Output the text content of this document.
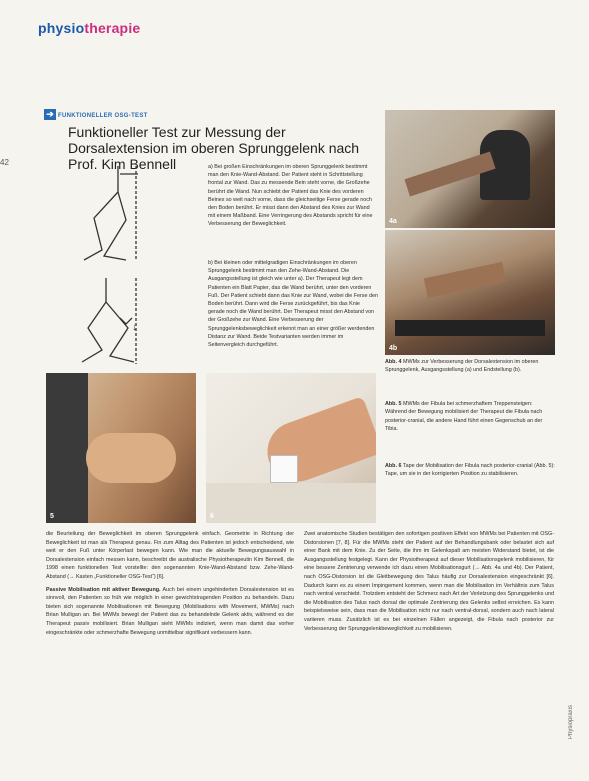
physiotherapie
42
➔ FUNKTIONELLER OSG-TEST
Funktioneller Test zur Messung der Dorsalextension im oberen Sprunggelenk nach Prof. Kim Bennell
↓
a) Bei großen Einschränkungen im oberen Sprunggelenk bestimmt man den Knie-Wand-Abstand. Der Patient steht in Schrittstellung frontal zur Wand. Das zu messende Bein steht vorne, die Großzehe berührt die Wand. Nun schiebt der Patient das Knie des vorderen Beines so weit nach vorne, dass die gleichseitige Ferse gerade noch den Boden berührt. Er misst dann den Abstand des Knies zur Wand mit einem Maßband. Eine Verringerung des Abstands spricht für eine Verbesserung der Beweglichkeit.
b) Bei kleinen oder mittelgradigen Einschränkungen im oberen Sprunggelenk bestimmt man den Zehe-Wand-Abstand. Die Ausgangsstellung ist gleich wie unter a). Der Therapeut legt dem Patienten ein Blatt Papier, das die Wand berührt, unter den vorderen Fuß. Der Patient schiebt dann das Knie zur Wand, wobei die Ferse den Boden berührt. Dann wird die Ferse zurückgeführt, bis das Knie gerade noch die Wand berührt. Der Therapeut misst den Abstand von der Großzehe zur Wand. Eine Verbesserung der Sprunggelenksbeweglichkeit erkennt man an einer größer werdenden Distanz zur Wand. Beide Testvarianten werden immer im Seitenvergleich durchgeführt.
4a
4b
Abb. 4 MWMs zur Verbesserung der Dorsalextension im oberen Sprunggelenk, Ausgangsstellung (a) und Endstellung (b).
5	6
Abb. 5 MWMs der Fibula bei schmerzhaftem Treppensteigen: Während der Bewegung mobilisiert der Therapeut die Fibula nach posterior-cranial, die andere Hand führt einen Gegenschub an der Tibia.
Abb. 6 Tape der Mobilisation der Fibula nach posterior-cranial (Abb. 5): Tape, um sie in der korrigierten Position zu stabilisieren.

die Beurteilung der Beweglichkeit im oberen Sprunggelenk einfach. Geometrie in Richtung der Beweglichkeit ist man als Therapeut genau. Fin zum Alltag des Patienten ist jedoch entscheidend, wie weit er den Fuß unter Körperlast bewegen kann. Wie man die aktuelle Bewegungsauswahl in Dorsalextension einfach messen kann, beschreibt die australische Physiotherapeutin Kim Bennell, die 1998 einen funktionellen Test vorstellte: den sogenannten Knie-Wand-Abstand bzw. Zehe-Wand-Abstand (→ Kasten „Funktioneller OSG-Test“) [6].

Passive Mobilisation mit aktiver Bewegung. Auch bei einem ungehinderten Dorsalextension ist es sinnvoll, den Patienten so früh wie möglich in einer gewichtstragenden Position zu behandeln. Dazu bieten sich sogenannte Mobilisationen mit Bewegung (Mobilisations with Movement, MWMs) nach Brian Mulligan an. Bei MWMs bewegt der Patient das zu behandelnde Gelenk aktiv, während es der Therapeut passiv mobilisiert. Brian Mulligan sieht MWMs indiziert, wenn man damit das vorher eingeschränkte oder schmerzhafte Bewegung unmittelbar signifikant verbessern kann.

Zwei anatomische Studien bestätigen den sofortigen positiven Effekt von MWMs bei Patienten mit OSG-Distorsionen [7, 8]. Für die MWMs steht der Patient auf der Behandlungsbank oder belastet sich auf einer Bank mit dem Knie. Zu der Seite, die ihm im Gelenkspalt am meisten Widerstand bietet, ist die Ausgangsstellung festgelegt. Kann der Physiotherapeut auf dieser Mobilisationsgelenk mobilisieren, für eine bessere Zentrierung verwende ich dazu einen Mobilisationsgurt (→ Abb. 4a und 4b). Der Patient, nach OSG-Distorsion ist die Gleitbewegung des Talus häufig zur Dorsalextension eingeschränkt [6]. Dadurch kann es zu einem Impingement kommen, wenn man die Mobilisation im Verhältnis zum Talus nach ventral verschiebt. Trotzdem entsteht der Schmerz nach Art der Verletzung des Sprunggelenks und die Mobilisation des Talus nach dorsal die optimale Zentrierung des Gelenks selbst erreichen. Es kann beispielsweise sein, dass man die Mobilisation nicht nur nach ventral-dorsal, sondern auch nach lateral variieren muss. Zusätzlich ist es bei einzelnen Fällen angezeigt, die Fibula nach posterior zur Verbesserung der Sprunggelenkbeweglichkeit zu mobilisieren.

Physiopraxis
